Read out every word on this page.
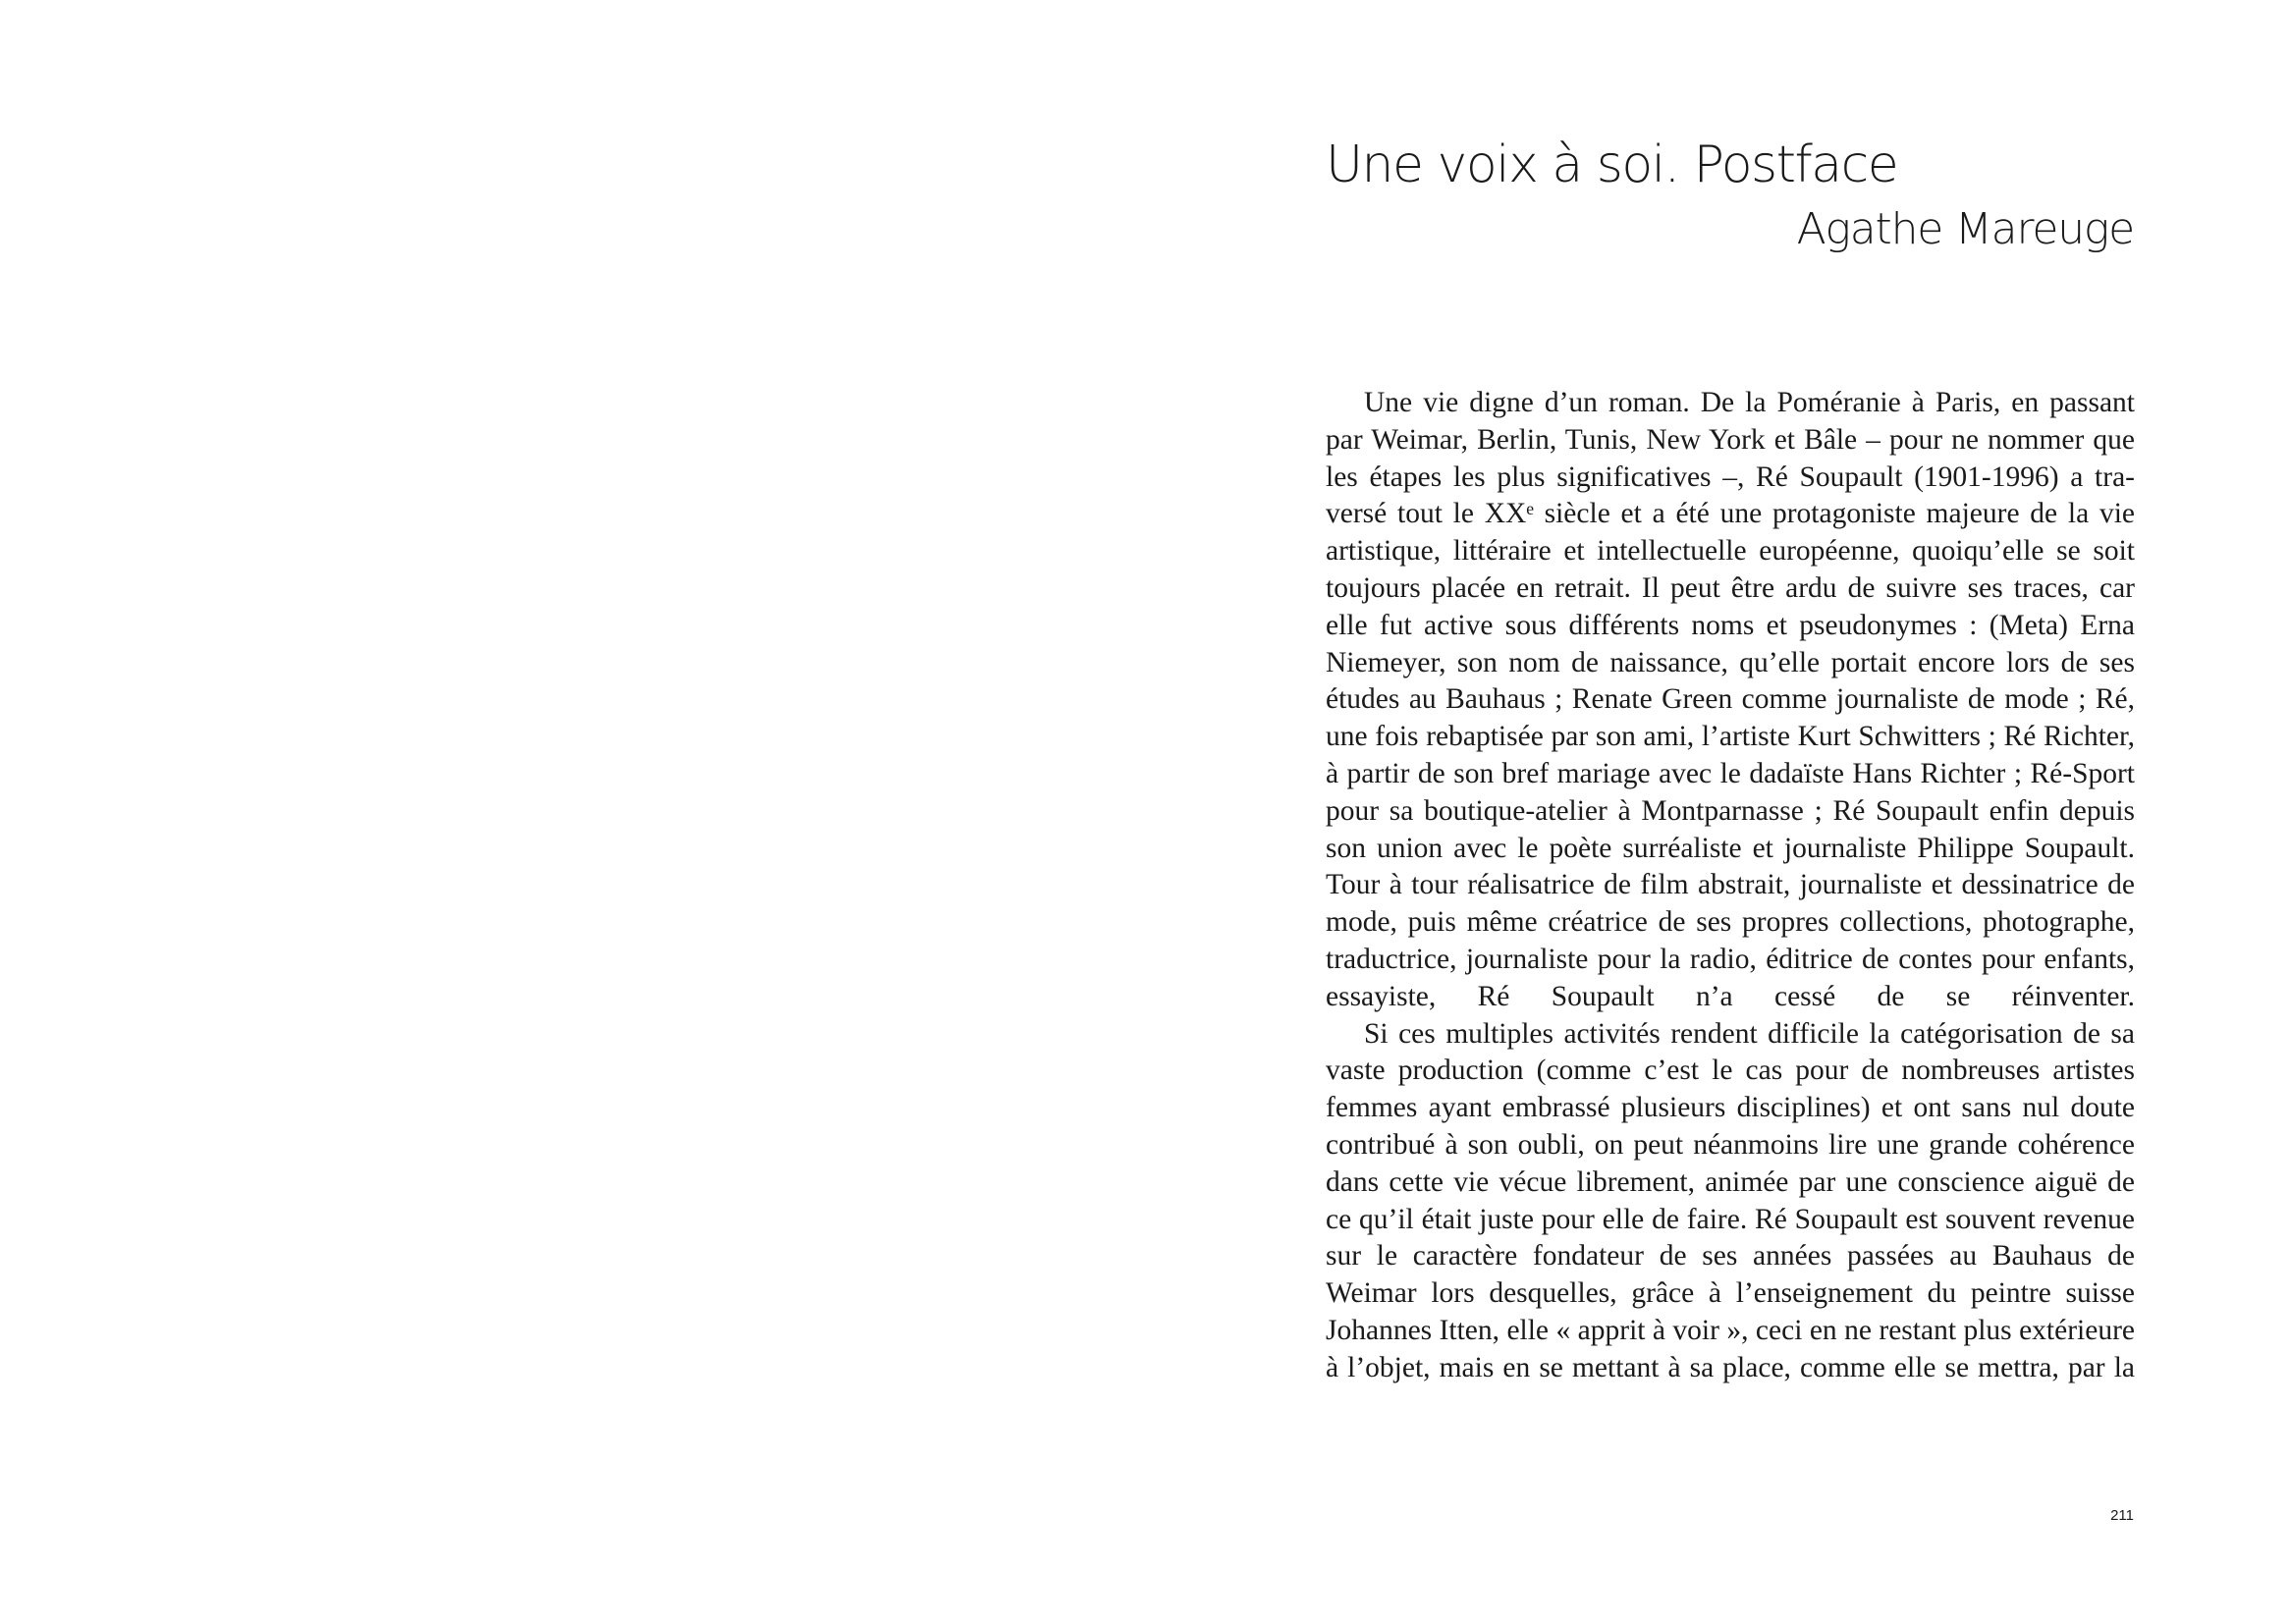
Une voix à soi. Postface
Agathe Mareuge

Une vie digne d’un roman. De la Poméranie à Paris, en passant par Weimar, Berlin, Tunis, New York et Bâle – pour ne nommer que les étapes les plus significatives –, Ré Soupault (1901-1996) a traversé tout le XXᵉ siècle et a été une protagoniste majeure de la vie artistique, littéraire et intellectuelle européenne, quoiqu’elle se soit toujours placée en retrait. Il peut être ardu de suivre ses traces, car elle fut active sous différents noms et pseudonymes : (Meta) Erna Niemeyer, son nom de naissance, qu’elle portait encore lors de ses études au Bauhaus ; Renate Green comme journaliste de mode ; Ré, une fois rebaptisée par son ami, l’artiste Kurt Schwitters ; Ré Richter, à partir de son bref mariage avec le dadaïste Hans Richter ; Ré-Sport pour sa boutique-atelier à Montparnasse ; Ré Soupault enfin depuis son union avec le poète surréaliste et journaliste Philippe Soupault. Tour à tour réalisatrice de film abstrait, journaliste et dessinatrice de mode, puis même créatrice de ses propres collections, photographe, traductrice, journaliste pour la radio, éditrice de contes pour enfants, essayiste, Ré Soupault n’a cessé de se réinventer.

Si ces multiples activités rendent difficile la catégorisation de sa vaste production (comme c’est le cas pour de nombreuses artistes femmes ayant embrassé plusieurs disciplines) et ont sans nul doute contribué à son oubli, on peut néanmoins lire une grande cohérence dans cette vie vécue librement, animée par une conscience aiguë de ce qu’il était juste pour elle de faire. Ré Soupault est souvent revenue sur le caractère fondateur de ses années passées au Bauhaus de Weimar lors desquelles, grâce à l’enseignement du peintre suisse Johannes Itten, elle « apprit à voir », ceci en ne restant plus extérieure à l’objet, mais en se mettant à sa place, comme elle se mettra, par la

211
